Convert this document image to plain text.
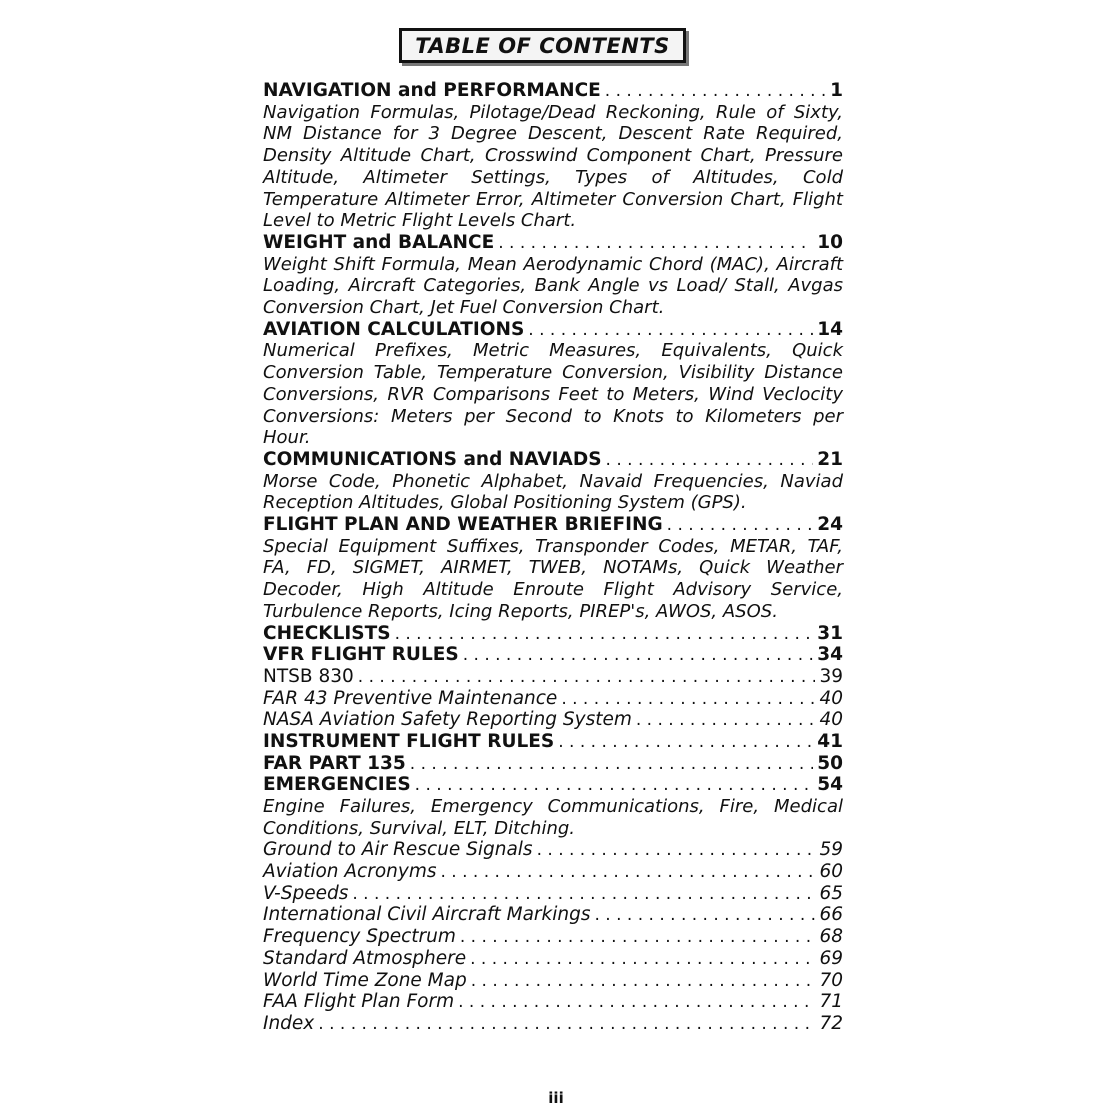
TABLE OF CONTENTS
NAVIGATION and PERFORMANCE . . .	1
Navigation Formulas, Pilotage/Dead Reckoning, Rule of Sixty, NM Distance for 3 Degree Descent, Descent Rate Required, Density Altitude Chart, Crosswind Component Chart, Pressure Altitude, Altimeter Settings, Types of Altitudes, Cold Temperature Altimeter Error, Altimeter Conversion Chart, Flight Level to Metric Flight Levels Chart.
WEIGHT and BALANCE . . .	10
Weight Shift Formula, Mean Aerodynamic Chord (MAC), Aircraft Loading, Aircraft Categories, Bank Angle vs Load/ Stall, Avgas Conversion Chart, Jet Fuel Conversion Chart.
AVIATION CALCULATIONS . . .	14
Numerical Prefixes, Metric Measures, Equivalents, Quick Conversion Table, Temperature Conversion, Visibility Distance Conversions, RVR Comparisons Feet to Meters, Wind Veclocity Conversions: Meters per Second to Knots to Kilometers per Hour.
COMMUNICATIONS and NAVIADS . . .	21
Morse Code, Phonetic Alphabet, Navaid Frequencies, Naviad Reception Altitudes, Global Positioning System (GPS).
FLIGHT PLAN AND WEATHER BRIEFING . . .	24
Special Equipment Suffixes, Transponder Codes, METAR, TAF, FA, FD, SIGMET, AIRMET, TWEB, NOTAMs, Quick Weather Decoder, High Altitude Enroute Flight Advisory Service, Turbulence Reports, Icing Reports, PIREP's, AWOS, ASOS.
CHECKLISTS . . .	31
VFR FLIGHT RULES . . .	34
NTSB 830 . . .	39
FAR 43 Preventive Maintenance . . .	40
NASA Aviation Safety Reporting System . . .	40
INSTRUMENT FLIGHT RULES . . .	41
FAR PART 135 . . .	50
EMERGENCIES . . .	54
Engine Failures, Emergency Communications, Fire, Medical Conditions, Survival, ELT, Ditching.
Ground to Air Rescue Signals . . .	59
Aviation Acronyms . . .	60
V-Speeds . . .	65
International Civil Aircraft Markings . . .	66
Frequency Spectrum . . .	68
Standard Atmosphere . . .	69
World Time Zone Map . . .	70
FAA Flight Plan Form . . .	71
Index . . .	72
iii
